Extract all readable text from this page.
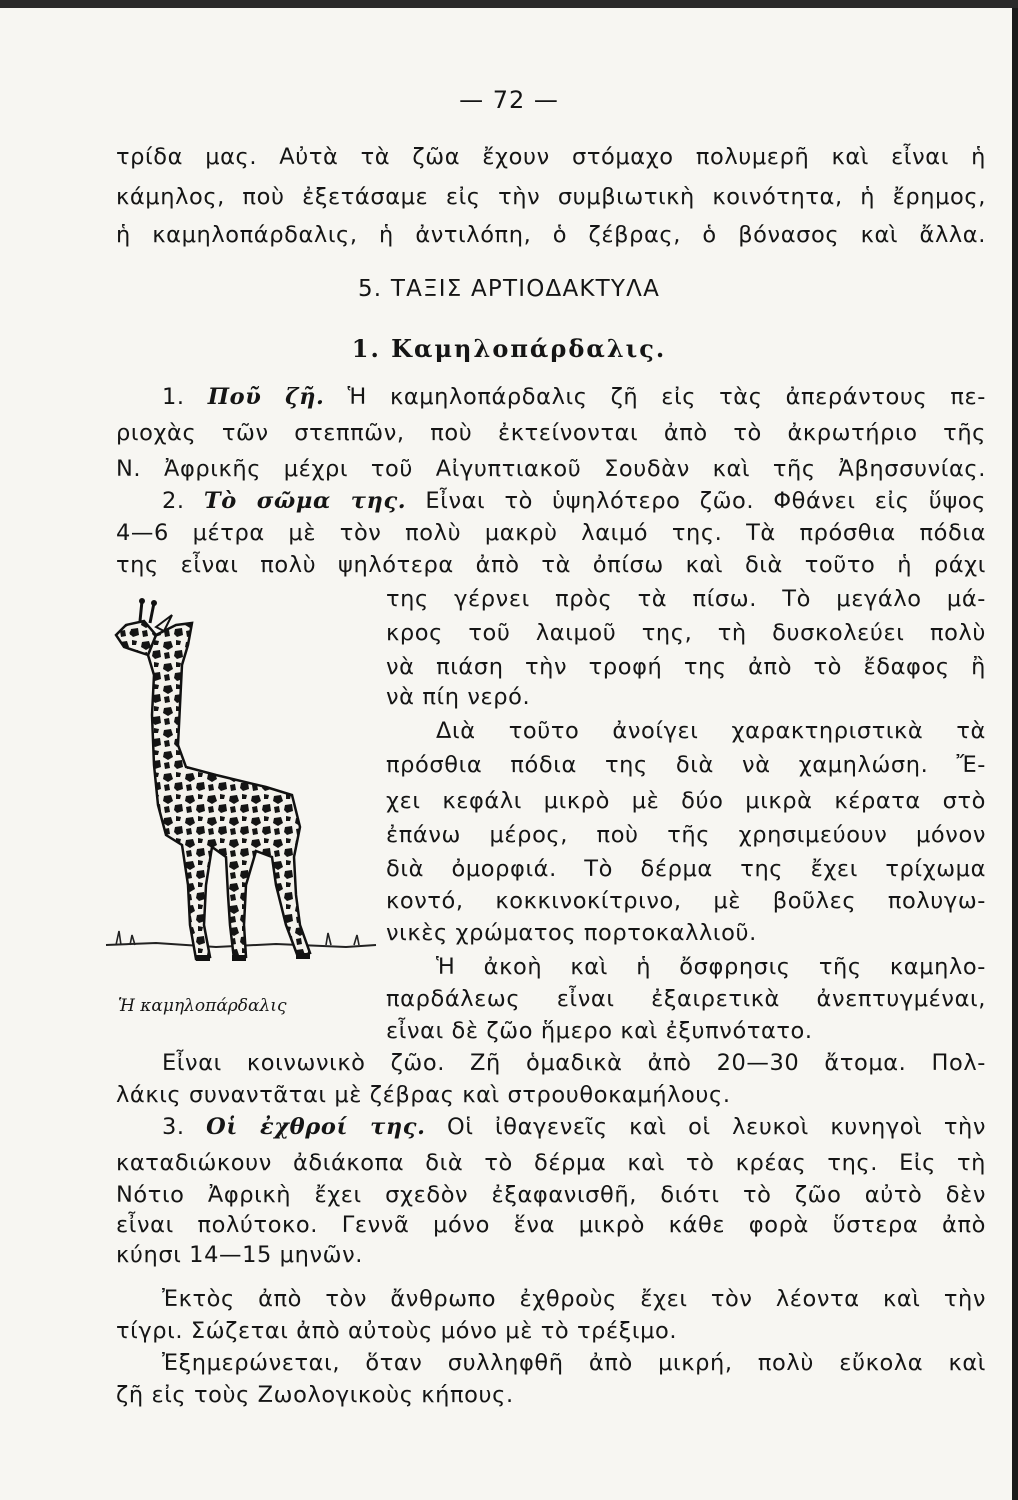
— 72 —
τρίδα μας. Αὐτὰ τὰ ζῶα ἔχουν στόμαχο πολυμερῆ καὶ εἶναι ἡ
κάμηλος, ποὺ ἐξετάσαμε εἰς τὴν συμβιωτικὴ κοινότητα, ἡ ἔρημος,
ἡ καμηλοπάρδαλις, ἡ ἀντιλόπη, ὁ ζέβρας, ὁ βόνασος καὶ ἄλλα.
5. ΤΑΞΙΣ ΑΡΤΙΟΔΑΚΤΥΛΑ
1. Καμηλοπάρδαλις.
1. Ποῦ ζῆ. Ἡ καμηλοπάρδαλις ζῆ εἰς τὰς ἀπεράντους πε-
ριοχὰς τῶν στεππῶν, ποὺ ἐκτείνονται ἀπὸ τὸ ἀκρωτήριο τῆς
Ν. Ἀφρικῆς μέχρι τοῦ Αἰγυπτιακοῦ Σουδὰν καὶ τῆς Ἀβησσυνίας.
2. Τὸ σῶμα της. Εἶναι τὸ ὑψηλότερο ζῶο. Φθάνει εἰς ὕψος
4—6 μέτρα μὲ τὸν πολὺ μακρὺ λαιμό της. Τὰ πρόσθια πόδια
της εἶναι πολὺ ψηλότερα ἀπὸ τὰ ὀπίσω καὶ διὰ τοῦτο ἡ ράχι
της γέρνει πρὸς τὰ πίσω. Τὸ μεγάλο μά-
κρος τοῦ λαιμοῦ της, τὴ δυσκολεύει πολὺ
νὰ πιάση τὴν τροφή της ἀπὸ τὸ ἔδαφος ἢ
νὰ πίη νερό.
Διὰ τοῦτο ἀνοίγει χαρακτηριστικὰ τὰ
πρόσθια πόδια της διὰ νὰ χαμηλώση. Ἔ-
χει κεφάλι μικρὸ μὲ δύο μικρὰ κέρατα στὸ
ἐπάνω μέρος, ποὺ τῆς χρησιμεύουν μόνον
διὰ ὀμορφιά. Τὸ δέρμα της ἔχει τρίχωμα
κοντό, κοκκινοκίτρινο, μὲ βοῦλες πολυγω-
νικὲς χρώματος πορτοκαλλιοῦ.
Ἡ ἀκοὴ καὶ ἡ ὄσφρησις τῆς καμηλο-
παρδάλεως εἶναι ἐξαιρετικὰ ἀνεπτυγμέναι,
εἶναι δὲ ζῶο ἥμερο καὶ ἐξυπνότατο.
Εἶναι κοινωνικὸ ζῶο. Ζῆ ὁμαδικὰ ἀπὸ 20—30 ἄτομα. Πολ-
λάκις συναντᾶται μὲ ζέβρας καὶ στρουθοκαμήλους.
3. Οἱ ἐχθροί της. Οἱ ἰθαγενεῖς καὶ οἱ λευκοὶ κυνηγοὶ τὴν
καταδιώκουν ἀδιάκοπα διὰ τὸ δέρμα καὶ τὸ κρέας της. Εἰς τὴ
Νότιο Ἀφρικὴ ἔχει σχεδὸν ἐξαφανισθῆ, διότι τὸ ζῶο αὐτὸ δὲν
εἶναι πολύτοκο. Γεννᾶ μόνο ἕνα μικρὸ κάθε φορὰ ὕστερα ἀπὸ
κύησι 14—15 μηνῶν.
Ἐκτὸς ἀπὸ τὸν ἄνθρωπο ἐχθροὺς ἔχει τὸν λέοντα καὶ τὴν
τίγρι. Σώζεται ἀπὸ αὐτοὺς μόνο μὲ τὸ τρέξιμο.
Ἐξημερώνεται, ὅταν συλληφθῆ ἀπὸ μικρή, πολὺ εὔκολα καὶ
ζῆ εἰς τοὺς Ζωολογικοὺς κήπους.
Ἡ καμηλοπάρδαλις
